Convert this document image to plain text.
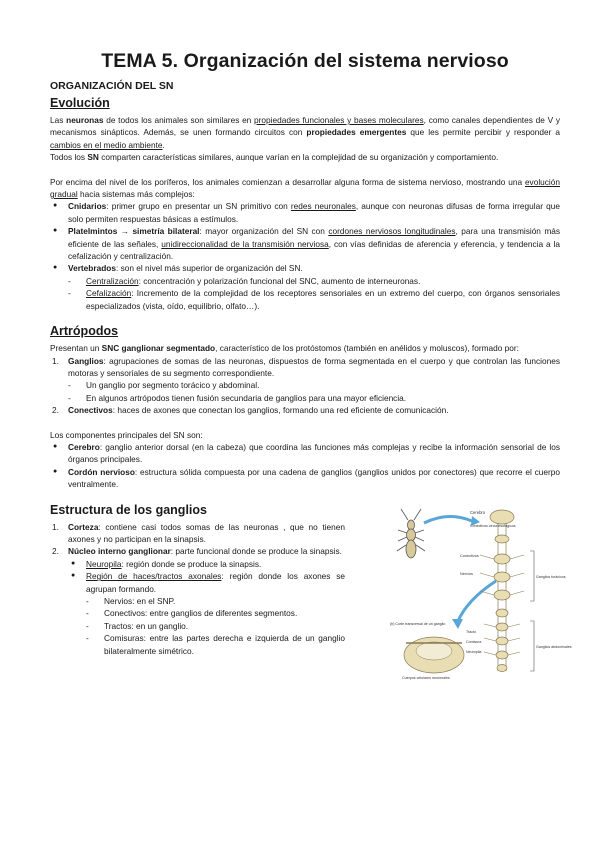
TEMA 5. Organización del sistema nervioso
ORGANIZACIÓN DEL SN
Evolución

Las neuronas de todos los animales son similares en propiedades funcionales y bases moleculares, como canales dependientes de V y mecanismos sinápticos. Además, se unen formando circuitos con propiedades emergentes que les permite percibir y responder a cambios en el medio ambiente.

Todos los SN comparten características similares, aunque varían en la complejidad de su organización y comportamiento.

Por encima del nivel de los poríferos, los animales comienzan a desarrollar alguna forma de sistema nervioso, mostrando una evolución gradual hacia sistemas más complejos:

● Cnidarios: primer grupo en presentar un SN primitivo con redes neuronales, aunque con neuronas difusas de forma irregular que solo permiten respuestas básicas a estímulos.
● Platelmintos → simetría bilateral: mayor organización del SN con cordones nerviosos longitudinales, para una transmisión más eficiente de las señales, unidireccionalidad de la transmisión nerviosa, con vías definidas de aferencia y eferencia, y tendencia a la cefalización y centralización.
● Vertebrados: son el nivel más superior de organización del SN.
- Centralización: concentración y polarización funcional del SNC, aumento de interneuronas.
- Cefalización: Incremento de la complejidad de los receptores sensoriales en un extremo del cuerpo, con órganos sensoriales especializados (vista, oído, equilibrio, olfato…).
Artrópodos

Presentan un SNC ganglionar segmentado, característico de los protóstomos (también en anélidos y moluscos), formado por:

1. Ganglios: agrupaciones de somas de las neuronas, dispuestos de forma segmentada en el cuerpo y que controlan las funciones motoras y sensoriales de su segmento correspondiente.
- Un ganglio por segmento torácico y abdominal.
- En algunos artrópodos tienen fusión secundaria de ganglios para una mayor eficiencia.
2. Conectivos: haces de axones que conectan los ganglios, formando una red eficiente de comunicación.

Los componentes principales del SN son:

● Cerebro: ganglio anterior dorsal (en la cabeza) que coordina las funciones más complejas y recibe la información sensorial de los órganos principales.
● Cordón nervioso: estructura sólida compuesta por una cadena de ganglios (ganglios unidos por conectores) que recorre el cuerpo ventralmente.
Estructura de los ganglios
1. Corteza: contiene casi todos somas de las neuronas , que no tienen axones y no participan en la sinapsis.
2. Núcleo interno ganglionar: parte funcional donde se produce la sinapsis.
● Neuropila: región donde se produce la sinapsis.
● Región de haces/tractos axonales: región donde los axones se agrupan formando.
- Nervios: en el SNP.
- Conectivos: entre ganglios de diferentes segmentos.
- Tractos: en un ganglio.
- Comisuras: entre las partes derecha e izquierda de un ganglio bilateralmente simétrico.
Cerebro
Conectivos circunesofágicos
Conectivos
Nervios
Ganglios torácicos
Ganglios abdominales
(b) Corte transversal de un ganglio
Tracto
Comisura
Neuropila
Cuerpos celulares neuronales
